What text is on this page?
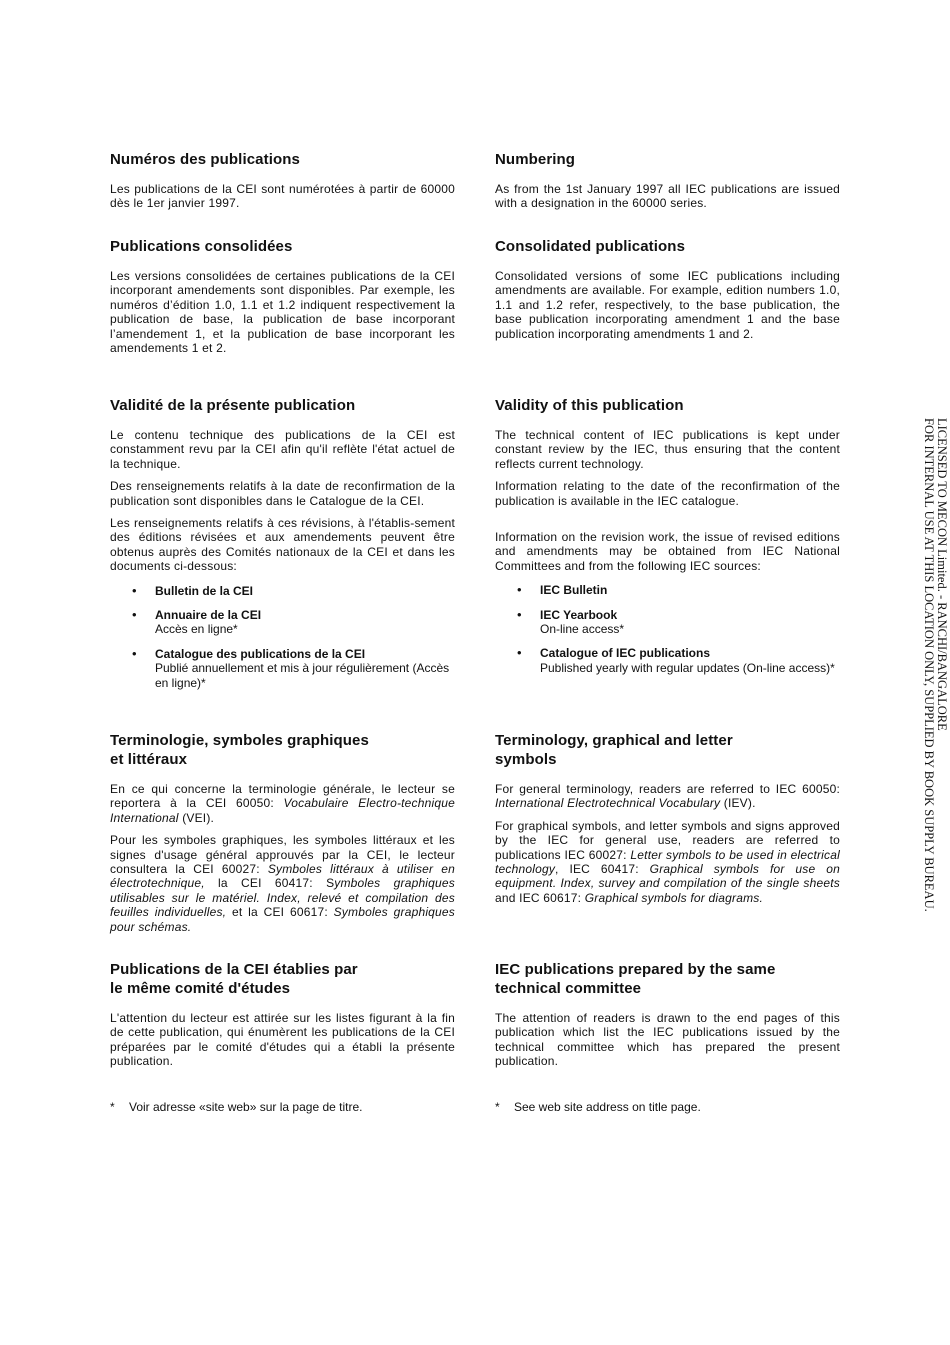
Numéros des publications

Les publications de la CEI sont numérotées à partir de 60000 dès le 1er janvier 1997.

Publications consolidées

Les versions consolidées de certaines publications de la CEI incorporant amendements sont disponibles. Par exemple, les numéros d’édition 1.0, 1.1 et 1.2 indiquent respectivement la publication de base, la publication de base incorporant l’amendement 1, et la publication de base incorporant les amendements 1 et 2.

Validité de la présente publication

Le contenu technique des publications de la CEI est constamment revu par la CEI afin qu'il reflète l'état actuel de la technique.

Des renseignements relatifs à la date de reconfirmation de la publication sont disponibles dans le Catalogue de la CEI.

Les renseignements relatifs à ces révisions, à l'établis-sement des éditions révisées et aux amendements peuvent être obtenus auprès des Comités nationaux de la CEI et dans les documents ci-dessous:

• Bulletin de la CEI
• Annuaire de la CEI
Accès en ligne*
• Catalogue des publications de la CEI
Publié annuellement et mis à jour régulièrement (Accès en ligne)*
Terminologie, symboles graphiques
et littéraux

En ce qui concerne la terminologie générale, le lecteur se reportera à la CEI 60050: Vocabulaire Electro-technique International (VEI).

Pour les symboles graphiques, les symboles littéraux et les signes d'usage général approuvés par la CEI, le lecteur consultera la CEI 60027: Symboles littéraux à utiliser en électrotechnique, la CEI 60417: Symboles graphiques utilisables sur le matériel. Index, relevé et compilation des feuilles individuelles, et la CEI 60617: Symboles graphiques pour schémas.

Publications de la CEI établies par
le même comité d'études

L'attention du lecteur est attirée sur les listes figurant à la fin de cette publication, qui énumèrent les publications de la CEI préparées par le comité d'études qui a établi la présente publication.

* Voir adresse «site web» sur la page de titre.
Numbering

As from the 1st January 1997 all IEC publications are issued with a designation in the 60000 series.

Consolidated publications

Consolidated versions of some IEC publications including amendments are available. For example, edition numbers 1.0, 1.1 and 1.2 refer, respectively, to the base publication, the base publication incorporating amendment 1 and the base publication incorporating amendments 1 and 2.

Validity of this publication

The technical content of IEC publications is kept under constant review by the IEC, thus ensuring that the content reflects current technology.

Information relating to the date of the reconfirmation of the publication is available in the IEC catalogue.

Information on the revision work, the issue of revised editions and amendments may be obtained from IEC National Committees and from the following IEC sources:

• IEC Bulletin
• IEC Yearbook
On-line access*
• Catalogue of IEC publications
Published yearly with regular updates (On-line access)*
Terminology, graphical and letter
symbols

For general terminology, readers are referred to IEC 60050: International Electrotechnical Vocabulary (IEV).

For graphical symbols, and letter symbols and signs approved by the IEC for general use, readers are referred to publications IEC 60027: Letter symbols to be used in electrical technology, IEC 60417: Graphical symbols for use on equipment. Index, survey and compilation of the single sheets and IEC 60617: Graphical symbols for diagrams.

IEC publications prepared by the same
technical committee

The attention of readers is drawn to the end pages of this publication which list the IEC publications issued by the technical committee which has prepared the present publication.

* See web site address on title page.
LICENSED TO MECON Limited. - RANCHI/BANGALORE
FOR INTERNAL USE AT THIS LOCATION ONLY, SUPPLIED BY BOOK SUPPLY BUREAU.
